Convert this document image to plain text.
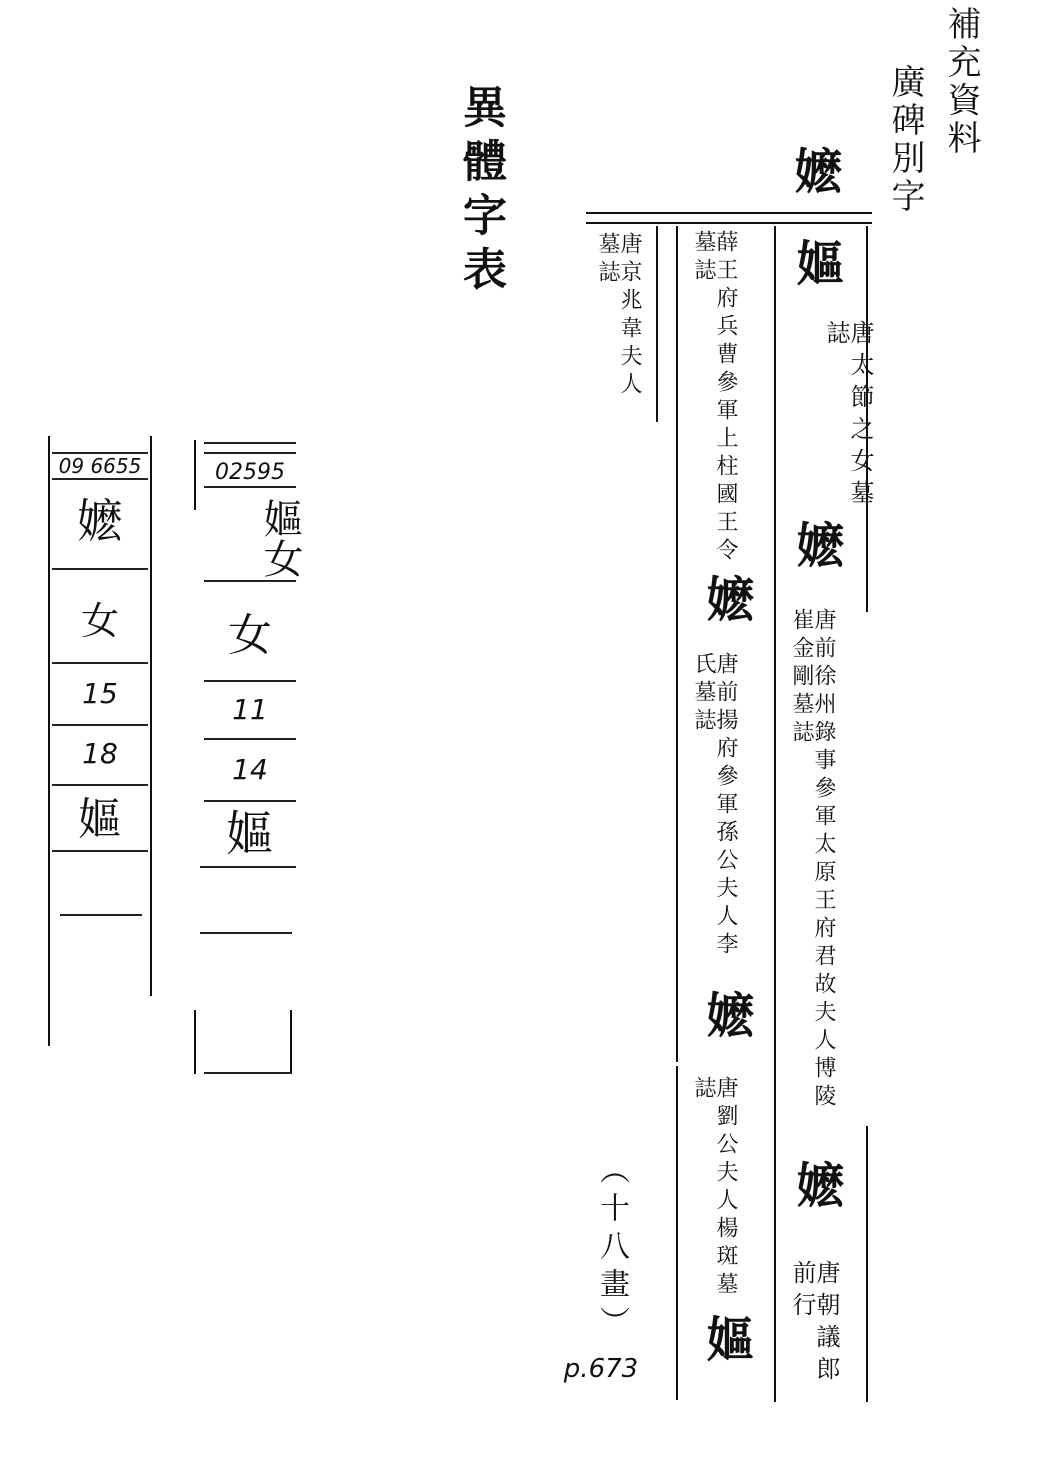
補充資料
廣碑別字
異體字表	嬷
嫗
唐太節之女墓誌
嬷
唐前徐州錄事參軍太原王府君故夫人博陵崔金剛墓誌
嬷
唐朝議郎前行
薛王府兵曹參軍上柱國王令墓誌
嬷
唐前揚府參軍孫公夫人李氏墓誌
嬷
唐劉公夫人楊斑墓誌
嫗
唐京兆韋夫人墓誌
（十八畫）
p.673
09 6655
嬷
女
15
18
嫗
02595
嫗女
女
11
14
嫗
